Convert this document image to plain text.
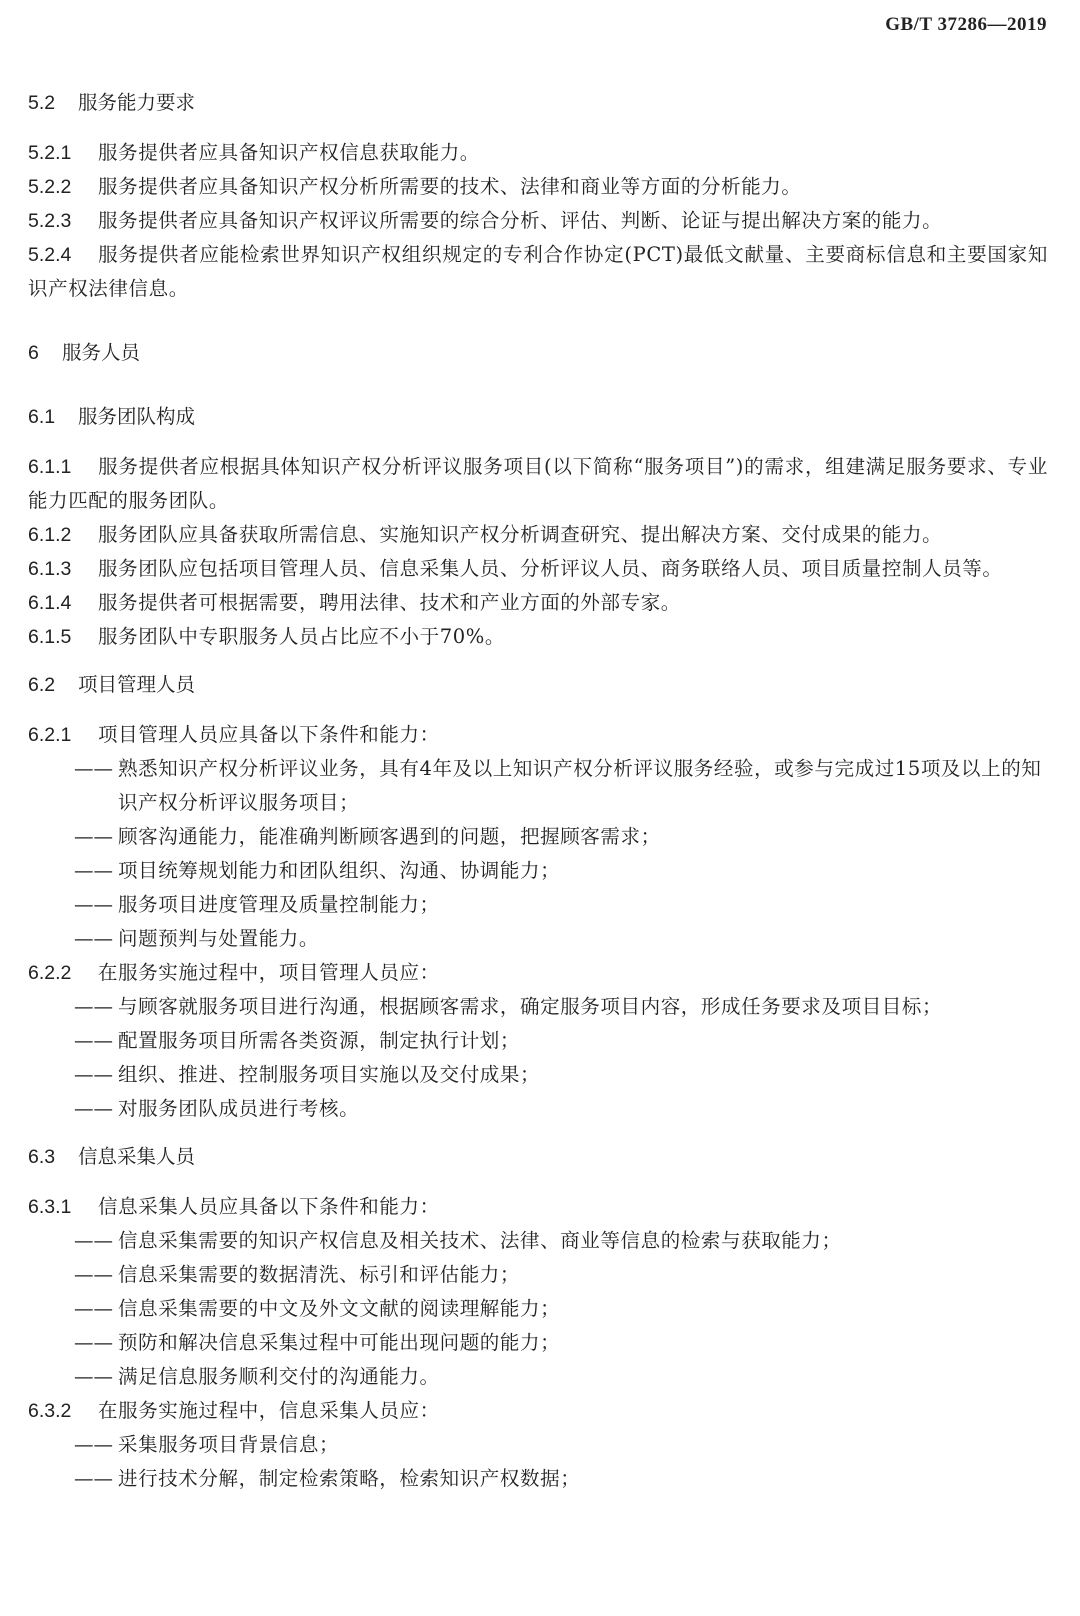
GB/T 37286—2019

5.2 服务能力要求

5.2.1 服务提供者应具备知识产权信息获取能力。

5.2.2 服务提供者应具备知识产权分析所需要的技术、法律和商业等方面的分析能力。

5.2.3 服务提供者应具备知识产权评议所需要的综合分析、评估、判断、论证与提出解决方案的能力。

5.2.4 服务提供者应能检索世界知识产权组织规定的专利合作协定(PCT)最低文献量、主要商标信息和主要国家知识产权法律信息。

6 服务人员

6.1 服务团队构成

6.1.1 服务提供者应根据具体知识产权分析评议服务项目(以下简称“服务项目”)的需求，组建满足服务要求、专业能力匹配的服务团队。

6.1.2 服务团队应具备获取所需信息、实施知识产权分析调查研究、提出解决方案、交付成果的能力。

6.1.3 服务团队应包括项目管理人员、信息采集人员、分析评议人员、商务联络人员、项目质量控制人员等。

6.1.4 服务提供者可根据需要，聘用法律、技术和产业方面的外部专家。

6.1.5 服务团队中专职服务人员占比应不小于70%。

6.2 项目管理人员

6.2.1 项目管理人员应具备以下条件和能力：

—— 熟悉知识产权分析评议业务，具有4年及以上知识产权分析评议服务经验，或参与完成过15项及以上的知识产权分析评议服务项目；

—— 顾客沟通能力，能准确判断顾客遇到的问题，把握顾客需求；

—— 项目统筹规划能力和团队组织、沟通、协调能力；

—— 服务项目进度管理及质量控制能力；

—— 问题预判与处置能力。

6.2.2 在服务实施过程中，项目管理人员应：

—— 与顾客就服务项目进行沟通，根据顾客需求，确定服务项目内容，形成任务要求及项目目标；

—— 配置服务项目所需各类资源，制定执行计划；

—— 组织、推进、控制服务项目实施以及交付成果；

—— 对服务团队成员进行考核。

6.3 信息采集人员

6.3.1 信息采集人员应具备以下条件和能力：

—— 信息采集需要的知识产权信息及相关技术、法律、商业等信息的检索与获取能力；

—— 信息采集需要的数据清洗、标引和评估能力；

—— 信息采集需要的中文及外文文献的阅读理解能力；

—— 预防和解决信息采集过程中可能出现问题的能力；

—— 满足信息服务顺利交付的沟通能力。

6.3.2 在服务实施过程中，信息采集人员应：

—— 采集服务项目背景信息；

—— 进行技术分解，制定检索策略，检索知识产权数据；
